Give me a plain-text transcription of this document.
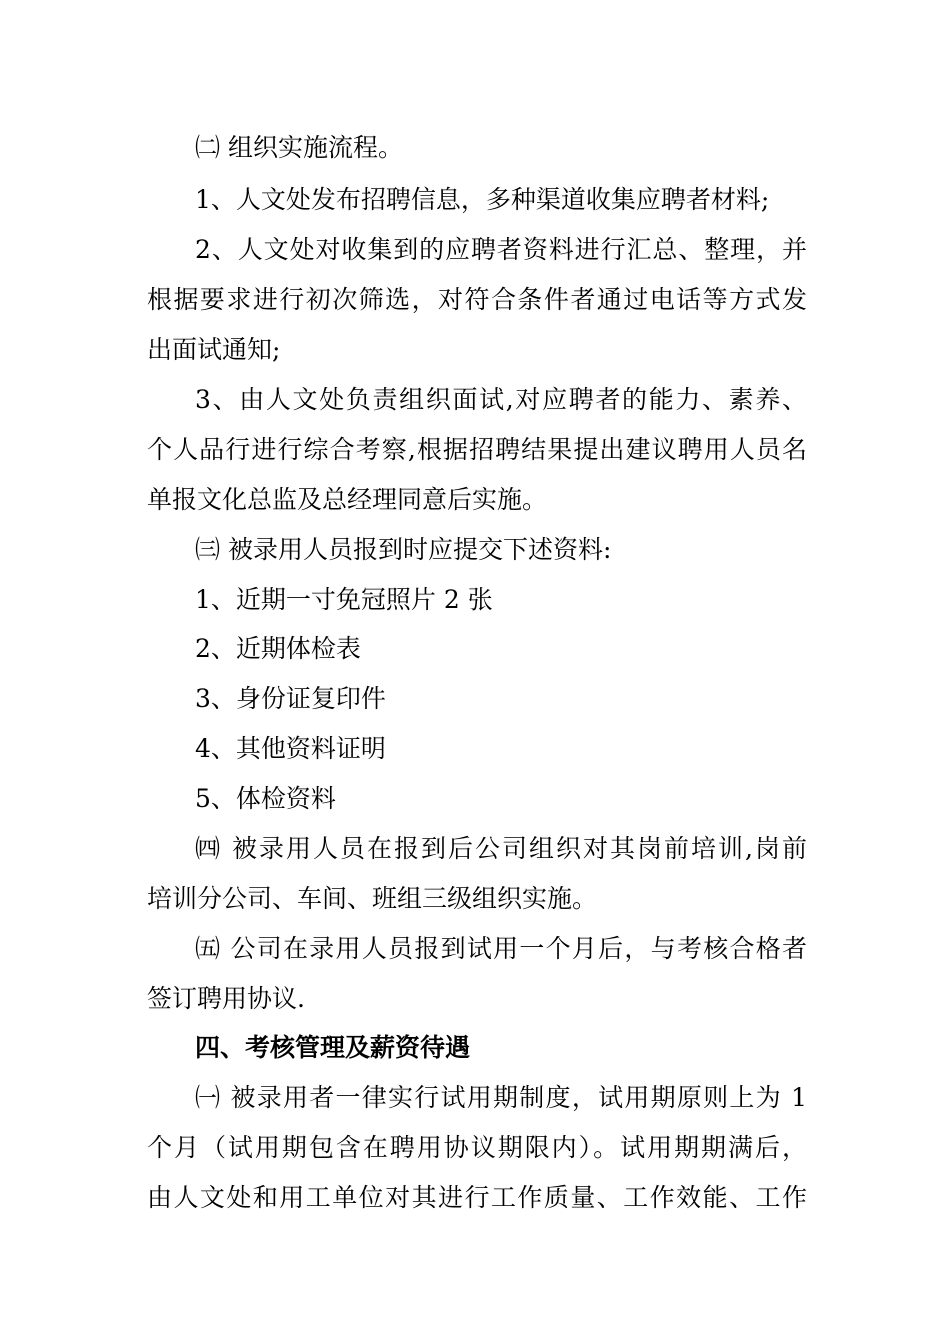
㈡ 组织实施流程。
1、人文处发布招聘信息，多种渠道收集应聘者材料;
2、人文处对收集到的应聘者资料进行汇总、整理，并
根据要求进行初次筛选，对符合条件者通过电话等方式发
出面试通知;
3、由人文处负责组织面试,对应聘者的能力、素养、
个人品行进行综合考察,根据招聘结果提出建议聘用人员名
单报文化总监及总经理同意后实施。
㈢ 被录用人员报到时应提交下述资料:
1、近期一寸免冠照片 2 张
2、近期体检表
3、身份证复印件
4、其他资料证明
5、体检资料
㈣ 被录用人员在报到后公司组织对其岗前培训,岗前
培训分公司、车间、班组三级组织实施。
㈤ 公司在录用人员报到试用一个月后，与考核合格者
签订聘用协议.
四、考核管理及薪资待遇
㈠ 被录用者一律实行试用期制度，试用期原则上为 1
个月（试用期包含在聘用协议期限内）。试用期期满后，
由人文处和用工单位对其进行工作质量、工作效能、工作
